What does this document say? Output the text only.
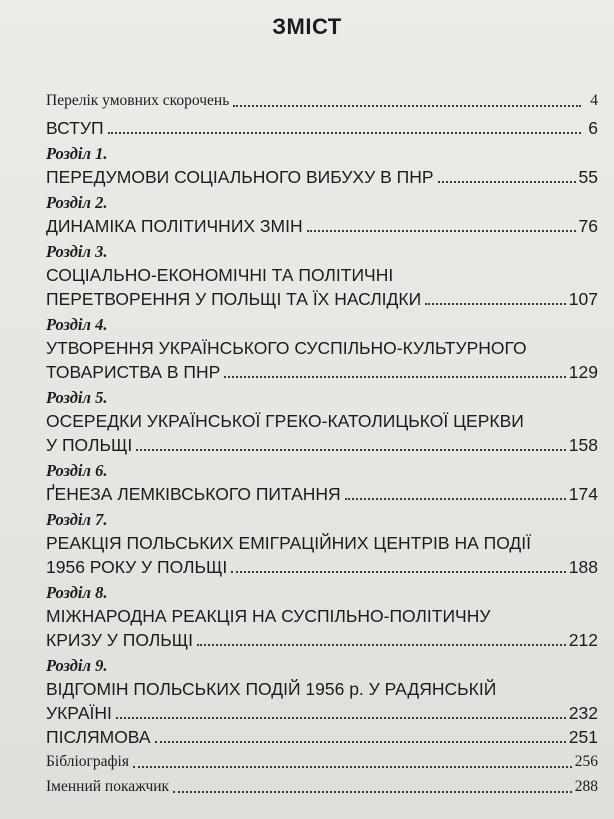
ЗМІСТ
Перелік умовних скорочень	4
ВСТУП	6
Розділ 1.
ПЕРЕДУМОВИ СОЦІАЛЬНОГО ВИБУХУ В ПНР	55
Розділ 2.
ДИНАМІКА ПОЛІТИЧНИХ ЗМІН	76
Розділ 3.
СОЦІАЛЬНО-ЕКОНОМІЧНІ ТА ПОЛІТИЧНІ
ПЕРЕТВОРЕННЯ У ПОЛЬЩІ ТА ЇХ НАСЛІДКИ	107
Розділ 4.
УТВОРЕННЯ УКРАЇНСЬКОГО СУСПІЛЬНО-КУЛЬТУРНОГО
ТОВАРИСТВА В ПНР	129
Розділ 5.
ОСЕРЕДКИ УКРАЇНСЬКОЇ ГРЕКО-КАТОЛИЦЬКОЇ ЦЕРКВИ
У ПОЛЬЩІ	158
Розділ 6.
ҐЕНЕЗА ЛЕМКІВСЬКОГО ПИТАННЯ	174
Розділ 7.
РЕАКЦІЯ ПОЛЬСЬКИХ ЕМІГРАЦІЙНИХ ЦЕНТРІВ НА ПОДІЇ
1956 РОКУ У ПОЛЬЩІ	188
Розділ 8.
МІЖНАРОДНА РЕАКЦІЯ НА СУСПІЛЬНО-ПОЛІТИЧНУ
КРИЗУ У ПОЛЬЩІ	212
Розділ 9.
ВІДГОМІН ПОЛЬСЬКИХ ПОДІЙ 1956 р. У РАДЯНСЬКІЙ
УКРАЇНІ	232
ПІСЛЯМОВА	251
Бібліографія	256
Іменний покажчик	288
